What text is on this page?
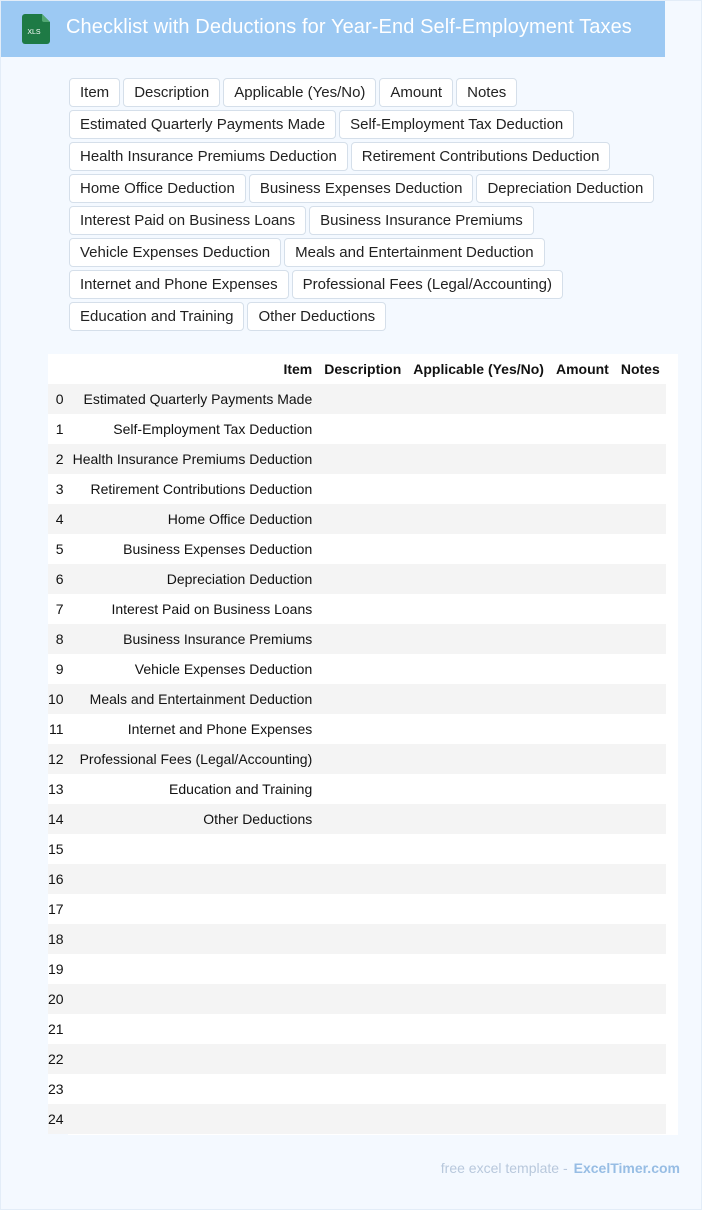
XLS Checklist with Deductions for Year-End Self-Employment Taxes
Item	Description	Applicable (Yes/No)	Amount	Notes
Estimated Quarterly Payments Made	Self-Employment Tax Deduction
Health Insurance Premiums Deduction	Retirement Contributions Deduction
Home Office Deduction	Business Expenses Deduction	Depreciation Deduction
Interest Paid on Business Loans	Business Insurance Premiums
Vehicle Expenses Deduction	Meals and Entertainment Deduction
Internet and Phone Expenses	Professional Fees (Legal/Accounting)
Education and Training	Other Deductions
	Item	Description	Applicable (Yes/No)	Amount	Notes
0	Estimated Quarterly Payments Made				
1	Self-Employment Tax Deduction				
2	Health Insurance Premiums Deduction				
3	Retirement Contributions Deduction				
4	Home Office Deduction				
5	Business Expenses Deduction				
6	Depreciation Deduction				
7	Interest Paid on Business Loans				
8	Business Insurance Premiums				
9	Vehicle Expenses Deduction				
10	Meals and Entertainment Deduction				
11	Internet and Phone Expenses				
12	Professional Fees (Legal/Accounting)				
13	Education and Training				
14	Other Deductions				
15					
16					
17					
18					
19					
20					
21					
22					
23					
24					
free excel template - ExcelTimer.com
